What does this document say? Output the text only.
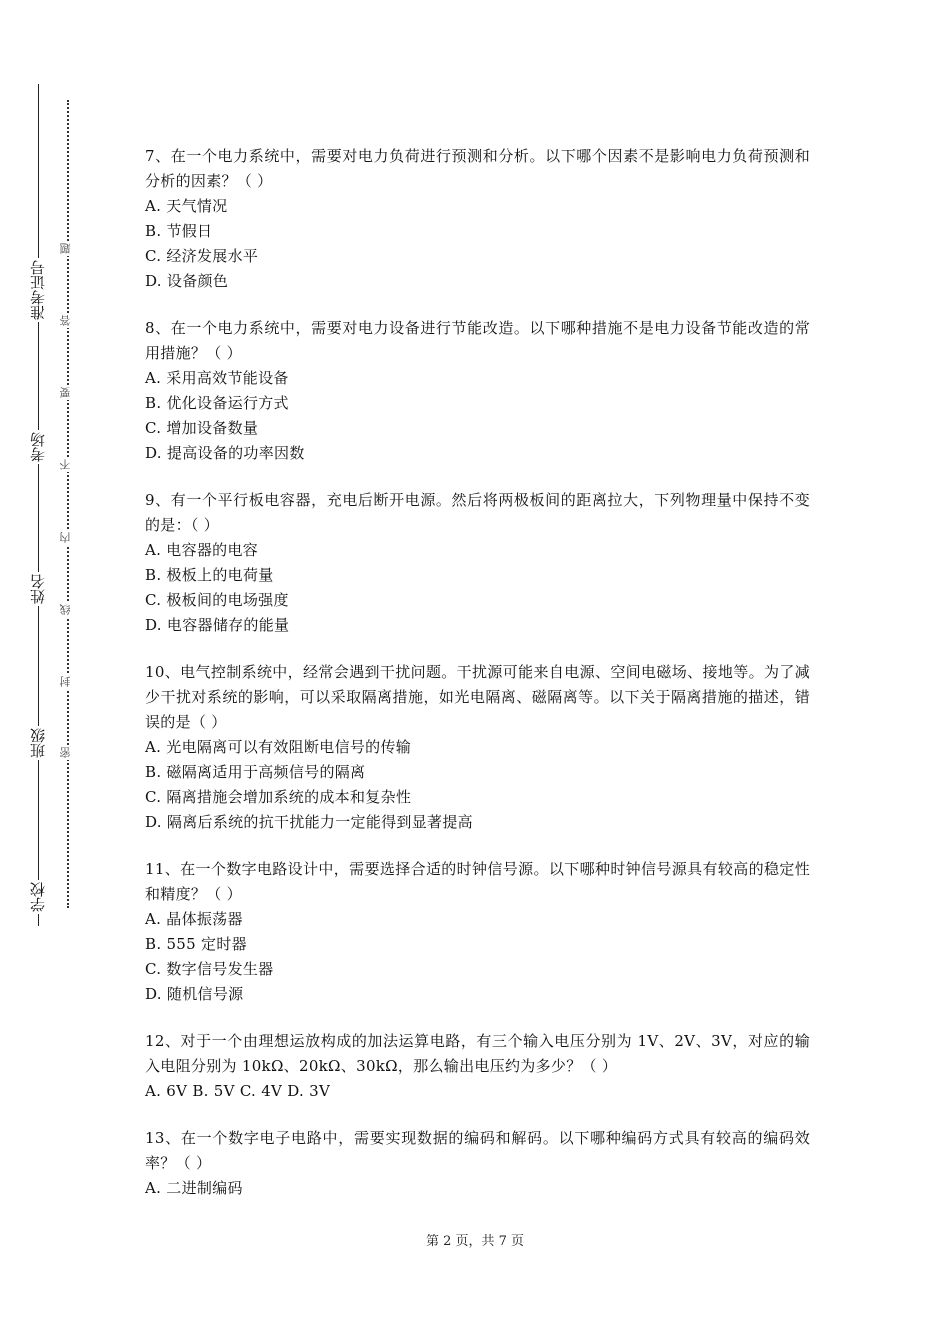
准考证号
考场
姓名
班级
学校
题
答
要
不
内
线
封
密
7、在一个电力系统中，需要对电力负荷进行预测和分析。以下哪个因素不是影响电力负荷预测和分析的因素？（ ）
A. 天气情况
B. 节假日
C. 经济发展水平
D. 设备颜色
8、在一个电力系统中，需要对电力设备进行节能改造。以下哪种措施不是电力设备节能改造的常用措施？（ ）
A. 采用高效节能设备
B. 优化设备运行方式
C. 增加设备数量
D. 提高设备的功率因数
9、有一个平行板电容器，充电后断开电源。然后将两极板间的距离拉大，下列物理量中保持不变的是：（ ）
A. 电容器的电容
B. 极板上的电荷量
C. 极板间的电场强度
D. 电容器储存的能量
10、电气控制系统中，经常会遇到干扰问题。干扰源可能来自电源、空间电磁场、接地等。为了减少干扰对系统的影响，可以采取隔离措施，如光电隔离、磁隔离等。以下关于隔离措施的描述，错误的是（ ）
A. 光电隔离可以有效阻断电信号的传输
B. 磁隔离适用于高频信号的隔离
C. 隔离措施会增加系统的成本和复杂性
D. 隔离后系统的抗干扰能力一定能得到显著提高
11、在一个数字电路设计中，需要选择合适的时钟信号源。以下哪种时钟信号源具有较高的稳定性和精度？（ ）
A. 晶体振荡器
B. 555 定时器
C. 数字信号发生器
D. 随机信号源
12、对于一个由理想运放构成的加法运算电路，有三个输入电压分别为 1V、2V、3V，对应的输入电阻分别为 10kΩ、20kΩ、30kΩ，那么输出电压约为多少？（ ）
A. 6V B. 5V C. 4V D. 3V
13、在一个数字电子电路中，需要实现数据的编码和解码。以下哪种编码方式具有较高的编码效率？（ ）
A. 二进制编码
第 2 页，共 7 页
